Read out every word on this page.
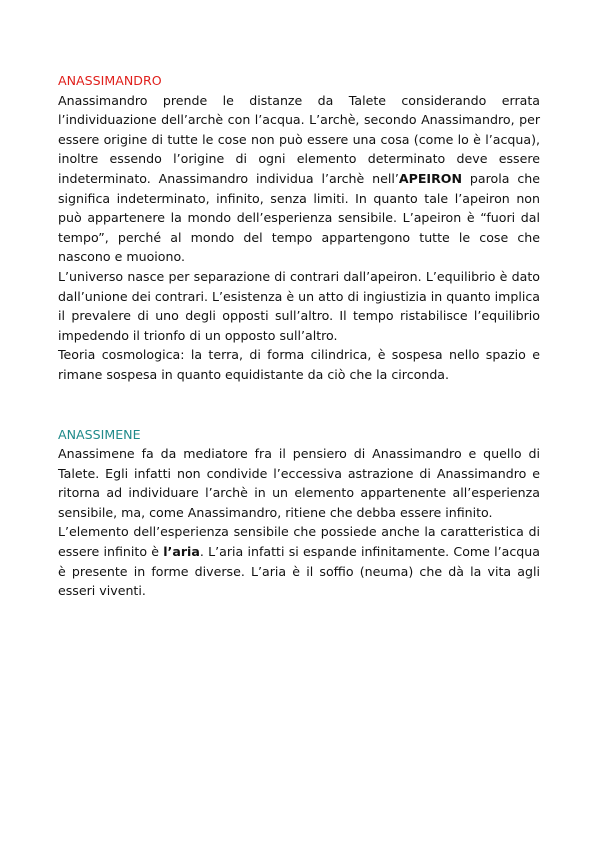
ANASSIMANDRO

Anassimandro prende le distanze da Talete considerando errata l’individuazione dell’archè con l’acqua. L’archè, secondo Anassimandro, per essere origine di tutte le cose non può essere una cosa (come lo è l’acqua), inoltre essendo l’origine di ogni elemento determinato deve essere indeterminato. Anassimandro individua l’archè nell’APEIRON parola che significa indeterminato, infinito, senza limiti. In quanto tale l’apeiron non può appartenere la mondo dell’esperienza sensibile. L’apeiron è “fuori dal tempo”, perché al mondo del tempo appartengono tutte le cose che nascono e muoiono.

L’universo nasce per separazione di contrari dall’apeiron. L’equilibrio è dato dall’unione dei contrari. L’esistenza è un atto di ingiustizia in quanto implica il prevalere di uno degli opposti sull’altro. Il tempo ristabilisce l’equilibrio impedendo il trionfo di un opposto sull’altro.

Teoria cosmologica: la terra, di forma cilindrica, è sospesa nello spazio e rimane sospesa in quanto equidistante da ciò che la circonda.

ANASSIMENE

Anassimene fa da mediatore fra il pensiero di Anassimandro e quello di Talete. Egli infatti non condivide l’eccessiva astrazione di Anassimandro e ritorna ad individuare l’archè in un elemento appartenente all’esperienza sensibile, ma, come Anassimandro, ritiene che debba essere infinito.

L’elemento dell’esperienza sensibile che possiede anche la caratteristica di essere infinito è l’aria. L’aria infatti si espande infinitamente. Come l’acqua è presente in forme diverse. L’aria è il soffio (neuma) che dà la vita agli esseri viventi.
